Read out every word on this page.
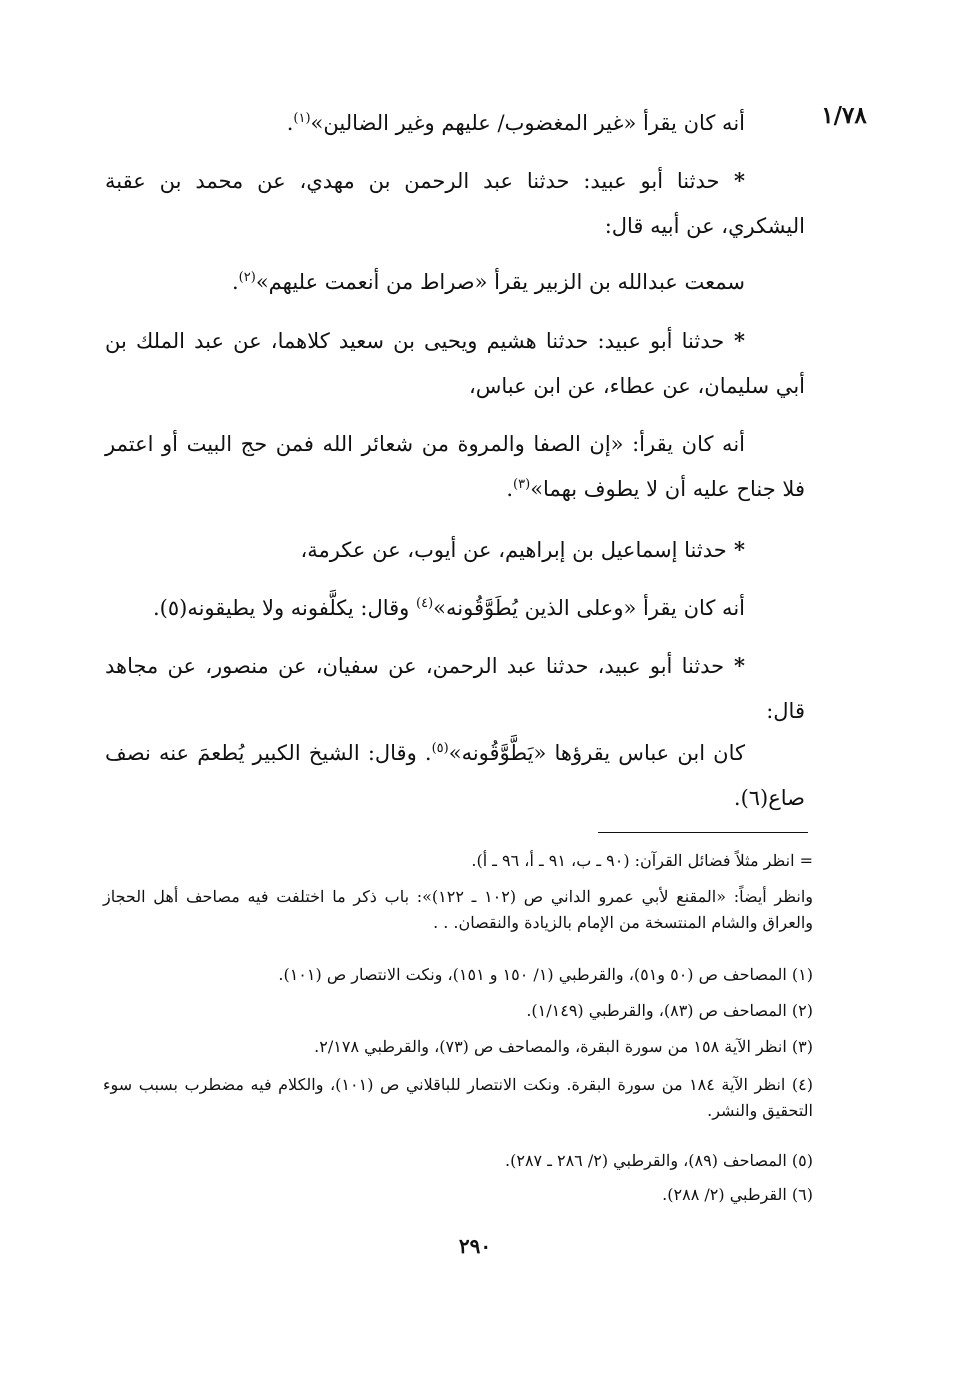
١/٧٨
أنه كان يقرأ «غير المغضوب/ عليهم وغير الضالين»$^{(١)}$.
* حدثنا أبو عبيد: حدثنا عبد الرحمن بن مهدي، عن محمد بن عقبة اليشكري، عن أبيه قال:
سمعت عبدالله بن الزبير يقرأ «صراط من أنعمت عليهم»$^{(٢)}$.
* حدثنا أبو عبيد: حدثنا هشيم ويحيى بن سعيد كلاهما، عن عبد الملك بن أبي سليمان، عن عطاء، عن ابن عباس،
أنه كان يقرأ: «إن الصفا والمروة من شعائر الله فمن حج البيت أو اعتمر فلا جناح عليه أن لا يطوف بهما»$^{(٣)}$.
* حدثنا إسماعيل بن إبراهيم، عن أيوب، عن عكرمة،
أنه كان يقرأ «وعلى الذين يُطَوَّقُونه»$^{(٤)}$ وقال: يكلَّفونه ولا يطيقونه(٥).
* حدثنا أبو عبيد، حدثنا عبد الرحمن، عن سفيان، عن منصور، عن مجاهد قال:
كان ابن عباس يقرؤها «يَطَّوَّقُونه»$^{(٥)}$. وقال: الشيخ الكبير يُطعمَ عنه نصف صاع(٦).
= انظر مثلاً فضائل القرآن: (٩٠ ـ ب، ٩١ ـ أ، ٩٦ ـ أ).
وانظر أيضاً: «المقنع لأبي عمرو الداني ص (١٠٢ ـ ١٢٢)»: باب ذكر ما اختلفت فيه مصاحف أهل الحجاز والعراق والشام المنتسخة من الإمام بالزيادة والنقصان. . .
(١) المصاحف ص (٥٠ و٥١)، والقرطبي (١/ ١٥٠ و ١٥١)، ونكت الانتصار ص (١٠١).
(٢) المصاحف ص (٨٣)، والقرطبي (١/١٤٩).
(٣) انظر الآية ١٥٨ من سورة البقرة، والمصاحف ص (٧٣)، والقرطبي ٢/١٧٨.
(٤) انظر الآية ١٨٤ من سورة البقرة. ونكت الانتصار للباقلاني ص (١٠١)، والكلام فيه مضطرب بسبب سوء التحقيق والنشر.
(٥) المصاحف (٨٩)، والقرطبي (٢/ ٢٨٦ ـ ٢٨٧).
(٦) القرطبي (٢/ ٢٨٨).
٢٩٠
